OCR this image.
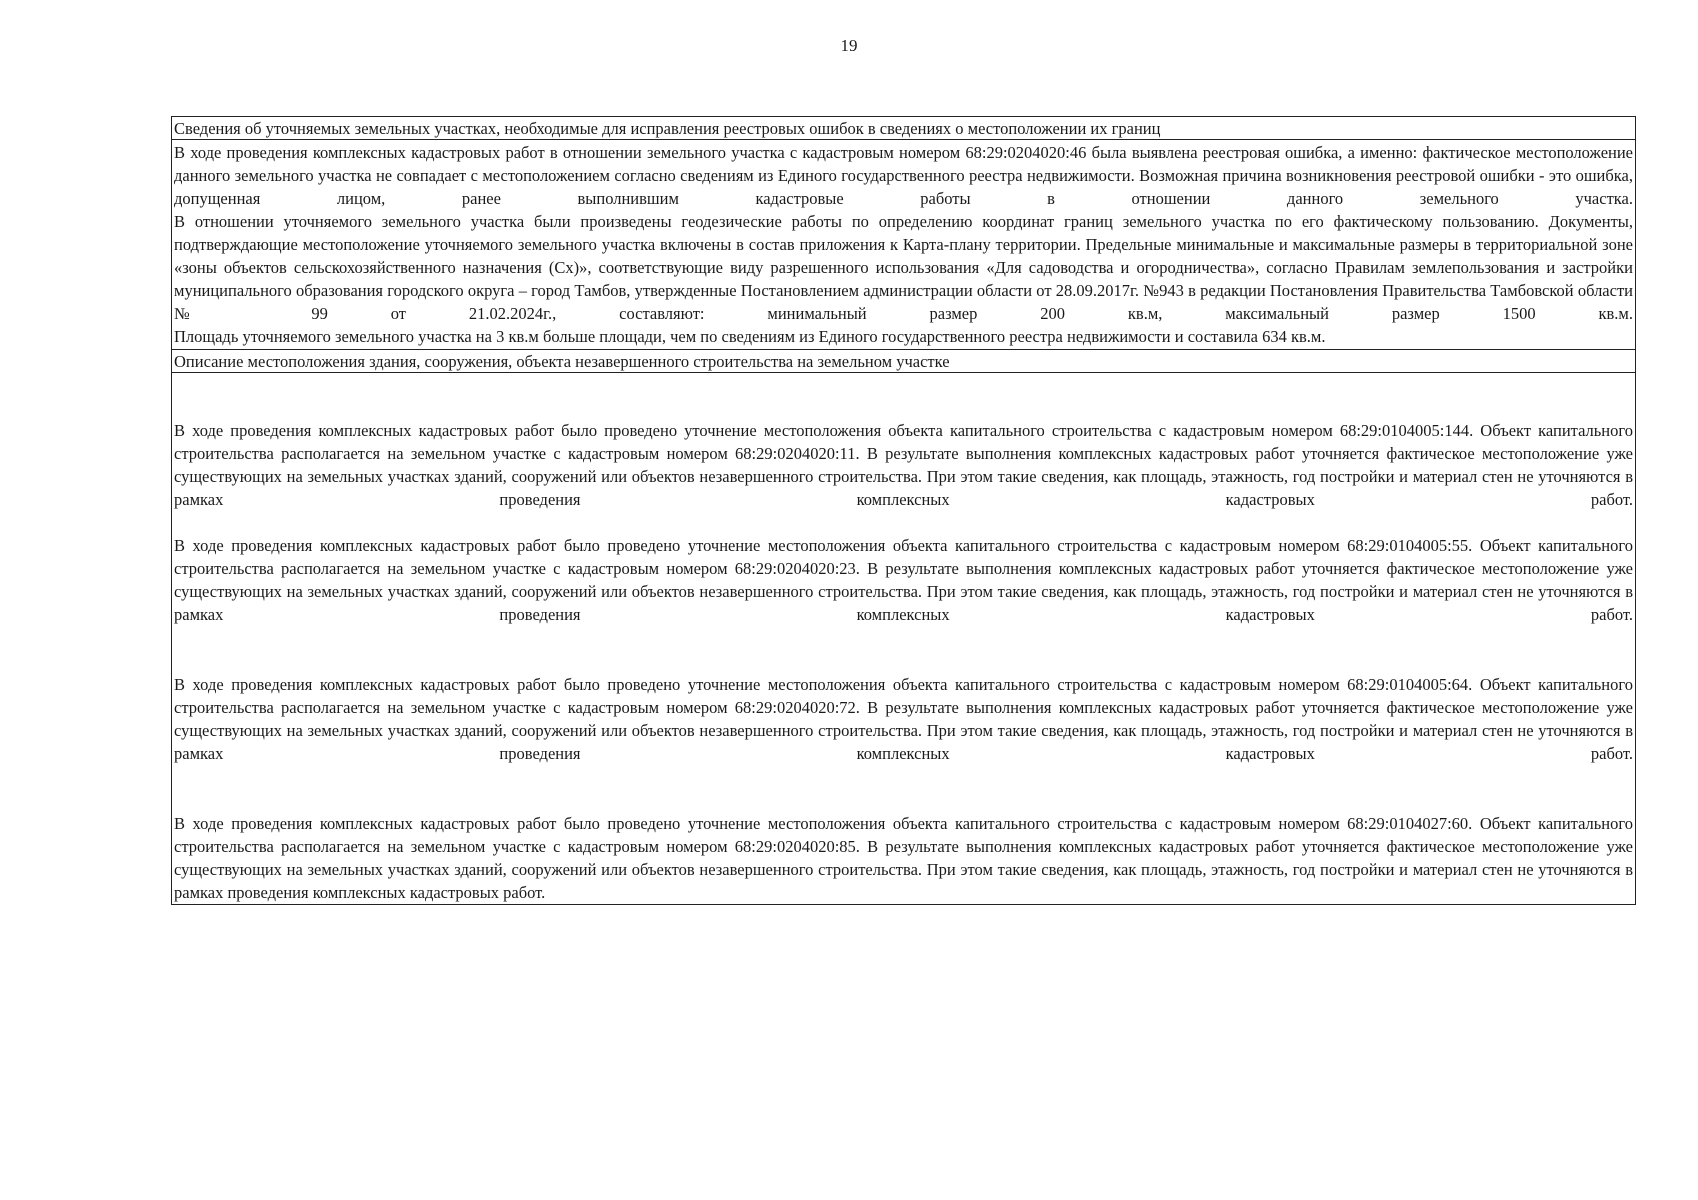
19
Сведения об уточняемых земельных участках, необходимые для исправления реестровых ошибок в сведениях о местоположении их границ

В ходе проведения комплексных кадастровых работ в отношении земельного участка с кадастровым номером 68:29:0204020:46 была выявлена реестровая ошибка, а именно: фактическое местоположение данного земельного участка не совпадает с местоположением согласно сведениям из Единого государственного реестра недвижимости. Возможная причина возникновения реестровой ошибки - это ошибка, допущенная лицом, ранее выполнившим кадастровые работы в отношении данного земельного участка.

В отношении уточняемого земельного участка были произведены геодезические работы по определению координат границ земельного участка по его фактическому пользованию. Документы, подтверждающие местоположение уточняемого земельного участка включены в состав приложения к Карта-плану территории. Предельные минимальные и максимальные размеры в территориальной зоне «зоны объектов сельскохозяйственного назначения (Сх)», соответствующие виду разрешенного использования «Для садоводства и огородничества», согласно Правилам землепользования и застройки муниципального образования городского округа – город Тамбов, утвержденные Постановлением администрации области от 28.09.2017г. №943 в редакции Постановления Правительства Тамбовской области № 99 от 21.02.2024г., составляют: минимальный размер 200 кв.м, максимальный размер 1500 кв.м.

Площадь уточняемого земельного участка на 3 кв.м больше площади, чем по сведениям из Единого государственного реестра недвижимости и составила 634 кв.м.

Описание местоположения здания, сооружения, объекта незавершенного строительства на земельном участке

В ходе проведения комплексных кадастровых работ было проведено уточнение местоположения объекта капитального строительства с кадастровым номером 68:29:0104005:144. Объект капитального строительства располагается на земельном участке с кадастровым номером 68:29:0204020:11. В результате выполнения комплексных кадастровых работ уточняется фактическое местоположение уже существующих на земельных участках зданий, сооружений или объектов незавершенного строительства. При этом такие сведения, как площадь, этажность, год постройки и материал стен не уточняются в рамках проведения комплексных кадастровых работ.

В ходе проведения комплексных кадастровых работ было проведено уточнение местоположения объекта капитального строительства с кадастровым номером 68:29:0104005:55. Объект капитального строительства располагается на земельном участке с кадастровым номером 68:29:0204020:23. В результате выполнения комплексных кадастровых работ уточняется фактическое местоположение уже существующих на земельных участках зданий, сооружений или объектов незавершенного строительства. При этом такие сведения, как площадь, этажность, год постройки и материал стен не уточняются в рамках проведения комплексных кадастровых работ.

В ходе проведения комплексных кадастровых работ было проведено уточнение местоположения объекта капитального строительства с кадастровым номером 68:29:0104005:64. Объект капитального строительства располагается на земельном участке с кадастровым номером 68:29:0204020:72. В результате выполнения комплексных кадастровых работ уточняется фактическое местоположение уже существующих на земельных участках зданий, сооружений или объектов незавершенного строительства. При этом такие сведения, как площадь, этажность, год постройки и материал стен не уточняются в рамках проведения комплексных кадастровых работ.

В ходе проведения комплексных кадастровых работ было проведено уточнение местоположения объекта капитального строительства с кадастровым номером 68:29:0104027:60. Объект капитального строительства располагается на земельном участке с кадастровым номером 68:29:0204020:85. В результате выполнения комплексных кадастровых работ уточняется фактическое местоположение уже существующих на земельных участках зданий, сооружений или объектов незавершенного строительства. При этом такие сведения, как площадь, этажность, год постройки и материал стен не уточняются в рамках проведения комплексных кадастровых работ.
